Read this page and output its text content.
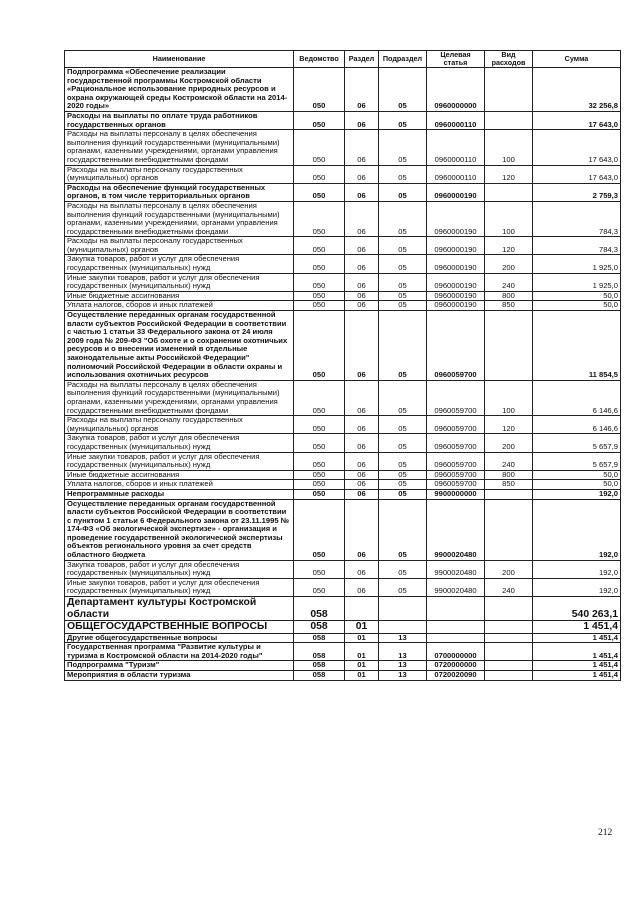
Наименование	Ведомство	Раздел	Подраздел	Целевая статья	Вид расходов	Сумма
Подпрограмма «Обеспечение реализации государственной программы Костромской области «Рациональное использование природных ресурсов и охрана окружающей среды Костромской области на 2014-2020 годы»	050	06	05	0960000000		32 256,8
Расходы на выплаты по оплате труда работников государственных органов	050	06	05	0960000110		17 643,0
Расходы на выплаты персоналу в целях обеспечения выполнения функций государственными (муниципальными) органами, казенными учреждениями, органами управления государственными внебюджетными фондами	050	06	05	0960000110	100	17 643,0
Расходы на выплаты персоналу государственных (муниципальных) органов	050	06	05	0960000110	120	17 643,0
Расходы на обеспечение функций государственных органов, в том числе территориальных органов	050	06	05	0960000190		2 759,3
Расходы на выплаты персоналу в целях обеспечения выполнения функций государственными (муниципальными) органами, казенными учреждениями, органами управления государственными внебюджетными фондами	050	06	05	0960000190	100	784,3
Расходы на выплаты персоналу государственных (муниципальных) органов	050	06	05	0960000190	120	784,3
Закупка товаров, работ и услуг для обеспечения государственных (муниципальных) нужд	050	06	05	0960000190	200	1 925,0
Иные закупки товаров, работ и услуг для обеспечения государственных (муниципальных) нужд	050	06	05	0960000190	240	1 925,0
Иные бюджетные ассигнования	050	06	05	0960000190	800	50,0
Уплата налогов, сборов и иных платежей	050	06	05	0960000190	850	50,0
Осуществление переданных органам государственной власти субъектов Российской Федерации в соответствии с частью 1 статьи 33 Федерального закона от 24 июля 2009 года № 209-ФЗ "Об охоте и о сохранении охотничьих ресурсов и о внесении изменений в отдельные законодательные акты Российской Федерации" полномочий Российской Федерации в области охраны и использования охотничьих ресурсов	050	06	05	0960059700		11 854,5
Расходы на выплаты персоналу в целях обеспечения выполнения функций государственными (муниципальными) органами, казенными учреждениями, органами управления государственными внебюджетными фондами	050	06	05	0960059700	100	6 146,6
Расходы на выплаты персоналу государственных (муниципальных) органов	050	06	05	0960059700	120	6 146,6
Закупка товаров, работ и услуг для обеспечения государственных (муниципальных) нужд	050	06	05	0960059700	200	5 657,9
Иные закупки товаров, работ и услуг для обеспечения государственных (муниципальных) нужд	050	06	05	0960059700	240	5 657,9
Иные бюджетные ассигнования	050	06	05	0960059700	800	50,0
Уплата налогов, сборов и иных платежей	050	06	05	0960059700	850	50,0
Непрограммные расходы	050	06	05	9900000000		192,0
Осуществление переданных органам государственной власти субъектов Российской Федерации в соответствии с пунктом 1 статьи 6 Федерального закона от 23.11.1995 № 174-ФЗ «Об экологической экспертизе» - организация и проведение государственной экологической экспертизы объектов регионального уровня за счет средств областного бюджета	050	06	05	9900020480		192,0
Закупка товаров, работ и услуг для обеспечения государственных (муниципальных) нужд	050	06	05	9900020480	200	192,0
Иные закупки товаров, работ и услуг для обеспечения государственных (муниципальных) нужд	050	06	05	9900020480	240	192,0
Департамент культуры Костромской области	058					540 263,1
ОБЩЕГОСУДАРСТВЕННЫЕ ВОПРОСЫ	058	01				1 451,4
Другие общегосударственные вопросы	058	01	13			1 451,4
Государственная программа "Развитие культуры и туризма в Костромской области на 2014-2020 годы"	058	01	13	0700000000		1 451,4
Подпрограмма "Туризм"	058	01	13	0720000000		1 451,4
Мероприятия в области туризма	058	01	13	0720020090		1 451,4
212
